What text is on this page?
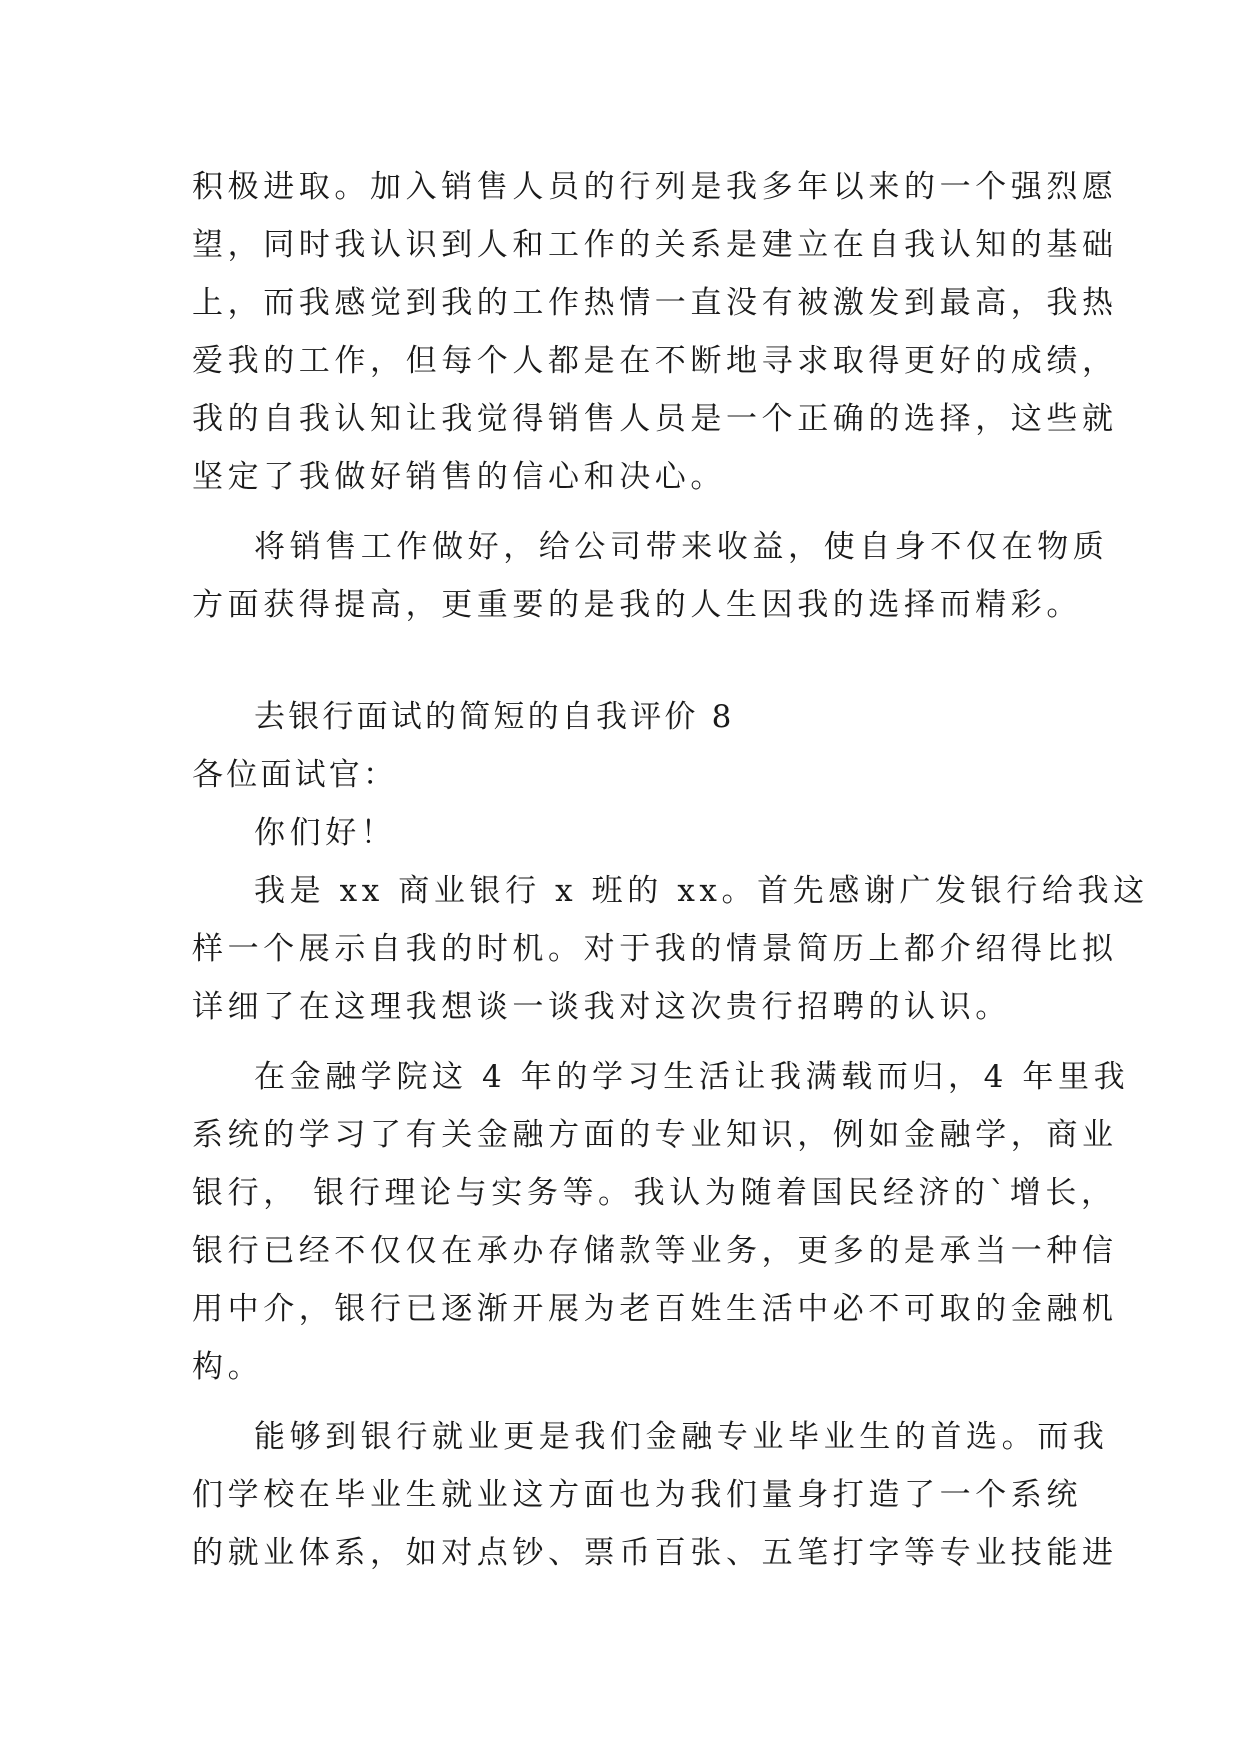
积极进取。加入销售人员的行列是我多年以来的一个强烈愿

望，同时我认识到人和工作的关系是建立在自我认知的基础

上，而我感觉到我的工作热情一直没有被激发到最高，我热

爱我的工作，但每个人都是在不断地寻求取得更好的成绩，

我的自我认知让我觉得销售人员是一个正确的选择，这些就

坚定了我做好销售的信心和决心。

将销售工作做好，给公司带来收益，使自身不仅在物质

方面获得提高，更重要的是我的人生因我的选择而精彩。

去银行面试的简短的自我评价 8

各位面试官：

你们好！

我是 xx 商业银行 x 班的 xx。首先感谢广发银行给我这

样一个展示自我的时机。对于我的情景简历上都介绍得比拟

详细了在这理我想谈一谈我对这次贵行招聘的认识。

在金融学院这 4 年的学习生活让我满载而归，4 年里我

系统的学习了有关金融方面的专业知识，例如金融学，商业

银行， 银行理论与实务等。我认为随着国民经济的`增长，

银行已经不仅仅在承办存储款等业务，更多的是承当一种信

用中介，银行已逐渐开展为老百姓生活中必不可取的金融机

构。

能够到银行就业更是我们金融专业毕业生的首选。而我

们学校在毕业生就业这方面也为我们量身打造了一个系统

的就业体系，如对点钞、票币百张、五笔打字等专业技能进
